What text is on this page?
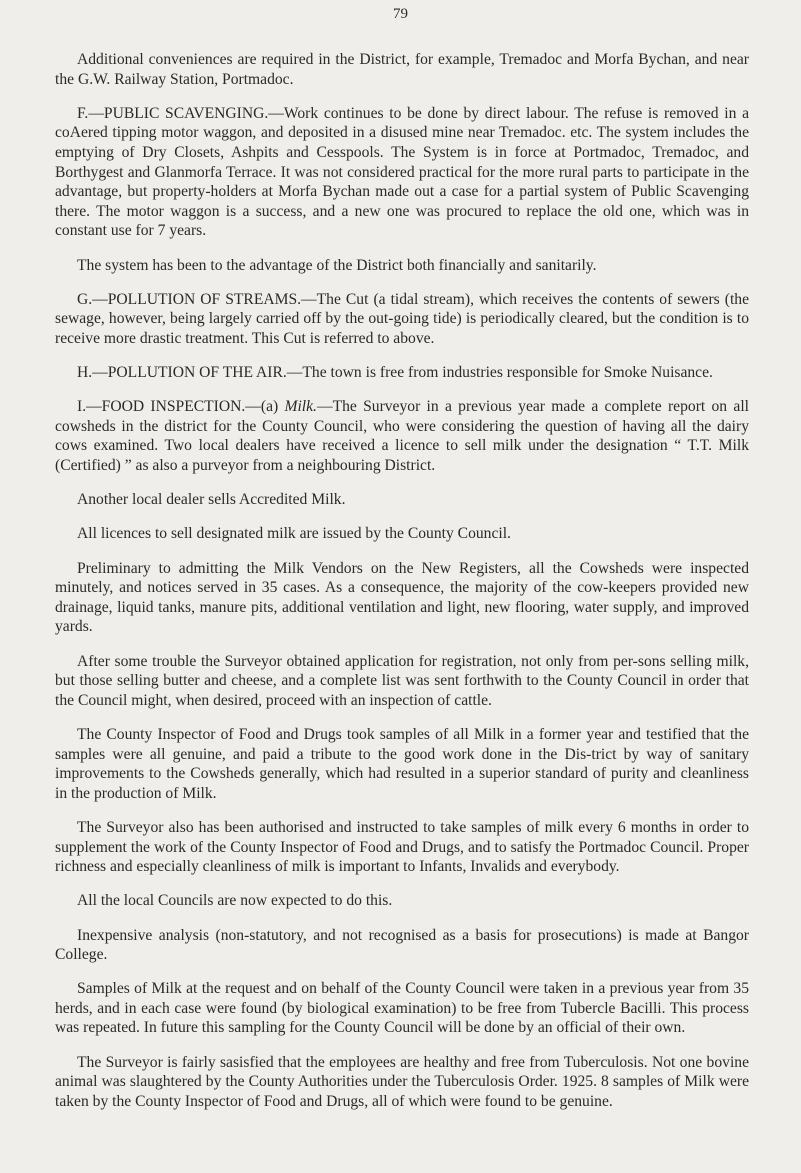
79

Additional conveniences are required in the District, for example, Tremadoc and Morfa Bychan, and near the G.W. Railway Station, Portmadoc.

F.—PUBLIC SCAVENGING.—Work continues to be done by direct labour. The refuse is removed in a coAered tipping motor waggon, and deposited in a disused mine near Tremadoc. etc. The system includes the emptying of Dry Closets, Ashpits and Cesspools. The System is in force at Portmadoc, Tremadoc, and Borthygest and Glanmorfa Terrace. It was not considered practical for the more rural parts to participate in the advantage, but property-holders at Morfa Bychan made out a case for a partial system of Public Scavenging there. The motor waggon is a success, and a new one was procured to replace the old one, which was in constant use for 7 years.

The system has been to the advantage of the District both financially and sanitarily.

G.—POLLUTION OF STREAMS.—The Cut (a tidal stream), which receives the contents of sewers (the sewage, however, being largely carried off by the out-going tide) is periodically cleared, but the condition is to receive more drastic treatment. This Cut is referred to above.

H.—POLLUTION OF THE AIR.—The town is free from industries responsible for Smoke Nuisance.

I.—FOOD INSPECTION.—(a) Milk.—The Surveyor in a previous year made a complete report on all cowsheds in the district for the County Council, who were considering the question of having all the dairy cows examined. Two local dealers have received a licence to sell milk under the designation “ T.T. Milk (Certified) ” as also a purveyor from a neighbouring District.

Another local dealer sells Accredited Milk.

All licences to sell designated milk are issued by the County Council.

Preliminary to admitting the Milk Vendors on the New Registers, all the Cowsheds were inspected minutely, and notices served in 35 cases. As a consequence, the majority of the cow-keepers provided new drainage, liquid tanks, manure pits, additional ventilation and light, new flooring, water supply, and improved yards.

After some trouble the Surveyor obtained application for registration, not only from per-sons selling milk, but those selling butter and cheese, and a complete list was sent forthwith to the County Council in order that the Council might, when desired, proceed with an inspection of cattle.

The County Inspector of Food and Drugs took samples of all Milk in a former year and testified that the samples were all genuine, and paid a tribute to the good work done in the Dis-trict by way of sanitary improvements to the Cowsheds generally, which had resulted in a superior standard of purity and cleanliness in the production of Milk.

The Surveyor also has been authorised and instructed to take samples of milk every 6 months in order to supplement the work of the County Inspector of Food and Drugs, and to satisfy the Portmadoc Council. Proper richness and especially cleanliness of milk is important to Infants, Invalids and everybody.

All the local Councils are now expected to do this.

Inexpensive analysis (non-statutory, and not recognised as a basis for prosecutions) is made at Bangor College.

Samples of Milk at the request and on behalf of the County Council were taken in a previous year from 35 herds, and in each case were found (by biological examination) to be free from Tubercle Bacilli. This process was repeated. In future this sampling for the County Council will be done by an official of their own.

The Surveyor is fairly sasisfied that the employees are healthy and free from Tuberculosis. Not one bovine animal was slaughtered by the County Authorities under the Tuberculosis Order. 1925. 8 samples of Milk were taken by the County Inspector of Food and Drugs, all of which were found to be genuine.
